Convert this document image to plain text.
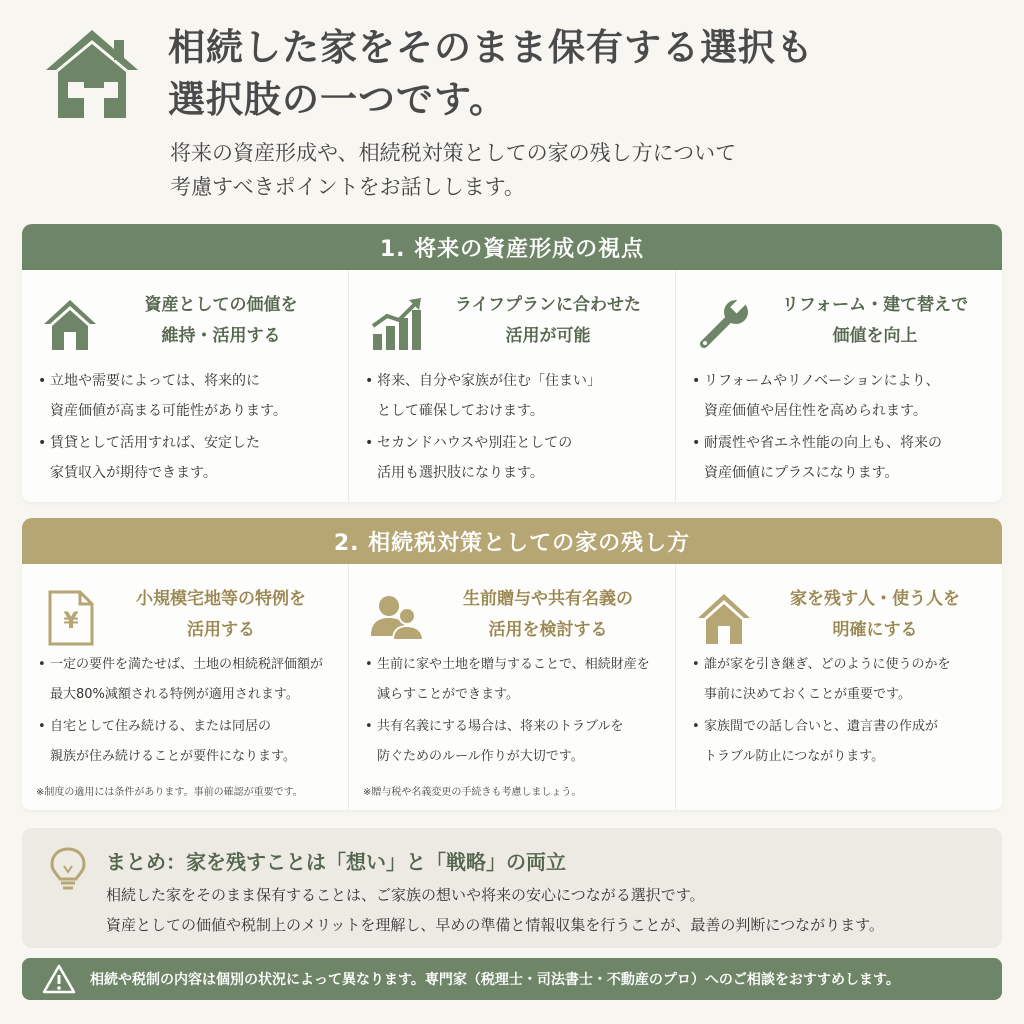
相続した家をそのまま保有する選択も
選択肢の一つです。
将来の資産形成や、相続税対策としての家の残し方について
考慮すべきポイントをお話しします。
1. 将来の資産形成の視点
資産としての価値を
維持・活用する
• 立地や需要によっては、将来的に
資産価値が高まる可能性があります。
• 賃貸として活用すれば、安定した
家賃収入が期待できます。
ライフプランに合わせた
活用が可能
• 将来、自分や家族が住む「住まい」
として確保しておけます。
• セカンドハウスや別荘としての
活用も選択肢になります。
リフォーム・建て替えで
価値を向上
• リフォームやリノベーションにより、
資産価値や居住性を高められます。
• 耐震性や省エネ性能の向上も、将来の
資産価値にプラスになります。
2. 相続税対策としての家の残し方
¥
小規模宅地等の特例を
活用する
• 一定の要件を満たせば、土地の相続税評価額が
最大80%減額される特例が適用されます。
• 自宅として住み続ける、または同居の
親族が住み続けることが要件になります。
※制度の適用には条件があります。事前の確認が重要です。
生前贈与や共有名義の
活用を検討する
• 生前に家や土地を贈与することで、相続財産を
減らすことができます。
• 共有名義にする場合は、将来のトラブルを
防ぐためのルール作りが大切です。
※贈与税や名義変更の手続きも考慮しましょう。
家を残す人・使う人を
明確にする
• 誰が家を引き継ぎ、どのように使うのかを
事前に決めておくことが重要です。
• 家族間での話し合いと、遺言書の作成が
トラブル防止につながります。
まとめ：家を残すことは「想い」と「戦略」の両立
相続した家をそのまま保有することは、ご家族の想いや将来の安心につながる選択です。
資産としての価値や税制上のメリットを理解し、早めの準備と情報収集を行うことが、最善の判断につながります。
相続や税制の内容は個別の状況によって異なります。専門家（税理士・司法書士・不動産のプロ）へのご相談をおすすめします。
